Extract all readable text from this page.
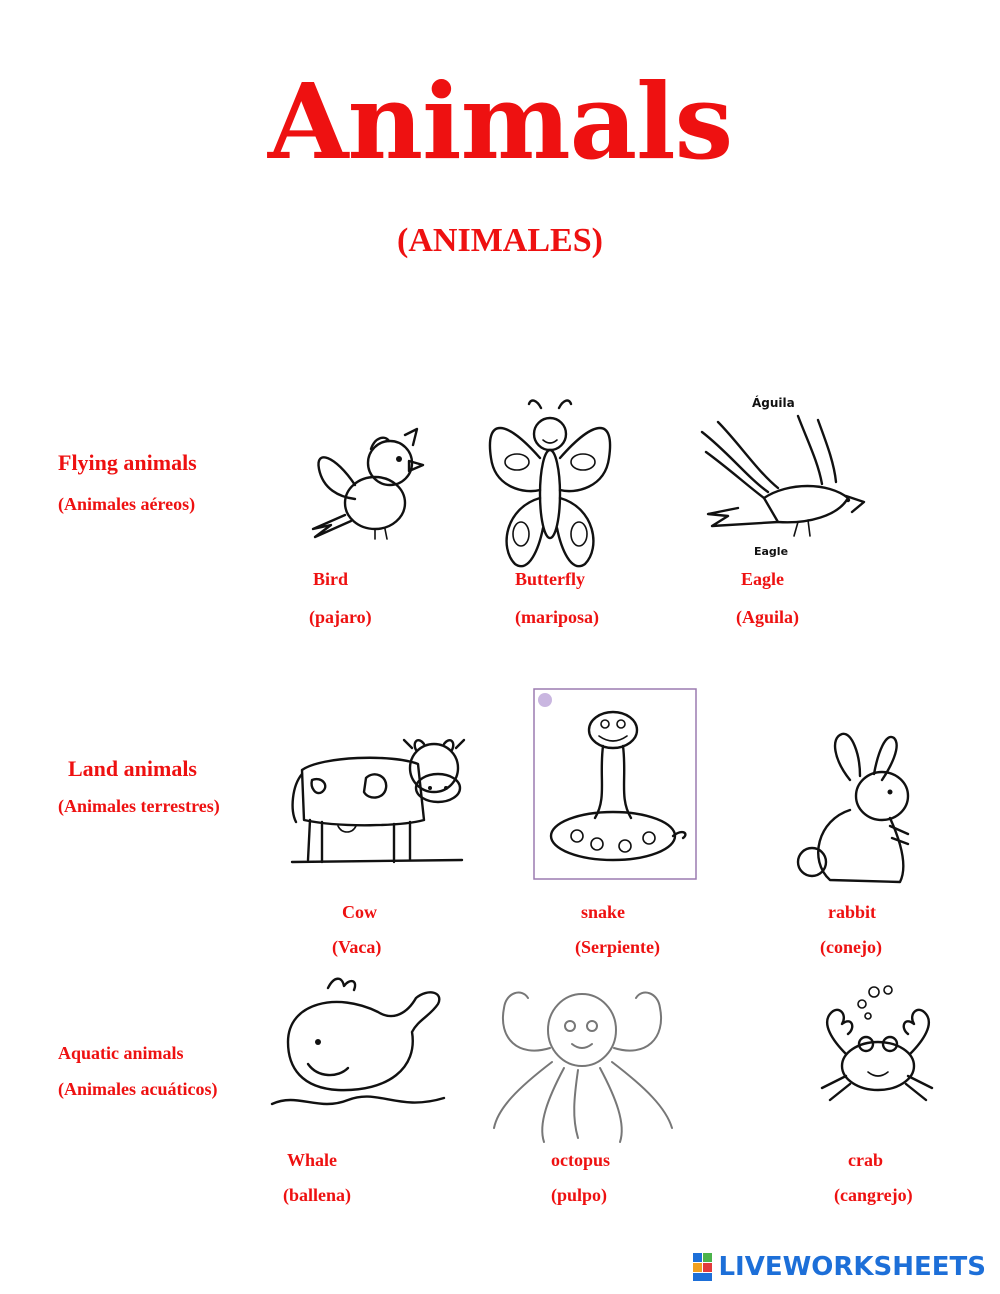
Animals
(ANIMALES)
Flying animals
(Animales aéreos)
Bird
(pajaro)
Butterfly
(mariposa)
Águila
Eagle
Eagle
(Aguila)
Land animals
(Animales terrestres)
Cow
(Vaca)
snake
(Serpiente)
rabbit
(conejo)
Aquatic animals
(Animales acuáticos)
Whale
(ballena)
octopus
(pulpo)
crab
(cangrejo)
LIVEWORKSHEETS
